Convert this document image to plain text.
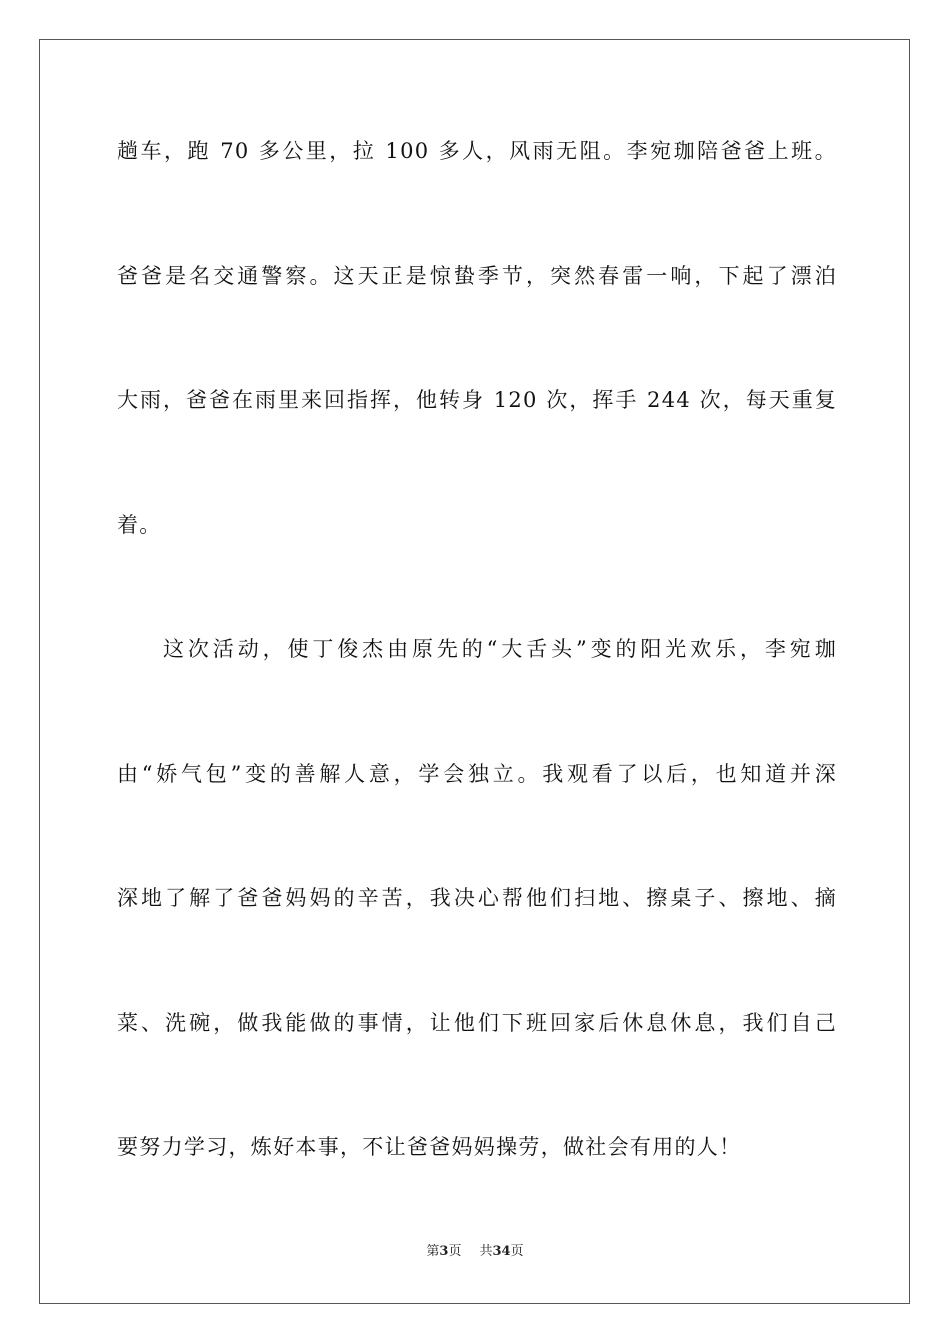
趟车，跑 70 多公里，拉 100 多人，风雨无阻。李宛珈陪爸爸上班。
爸爸是名交通警察。这天正是惊蛰季节，突然春雷一响，下起了漂泊
大雨，爸爸在雨里来回指挥，他转身 120 次，挥手 244 次，每天重复
着。
这次活动，使丁俊杰由原先的“大舌头”变的阳光欢乐，李宛珈
由“娇气包”变的善解人意，学会独立。我观看了以后，也知道并深
深地了解了爸爸妈妈的辛苦，我决心帮他们扫地、擦桌子、擦地、摘
菜、洗碗，做我能做的事情，让他们下班回家后休息休息，我们自己
要努力学习，炼好本事，不让爸爸妈妈操劳，做社会有用的人！
第3页 共34页
